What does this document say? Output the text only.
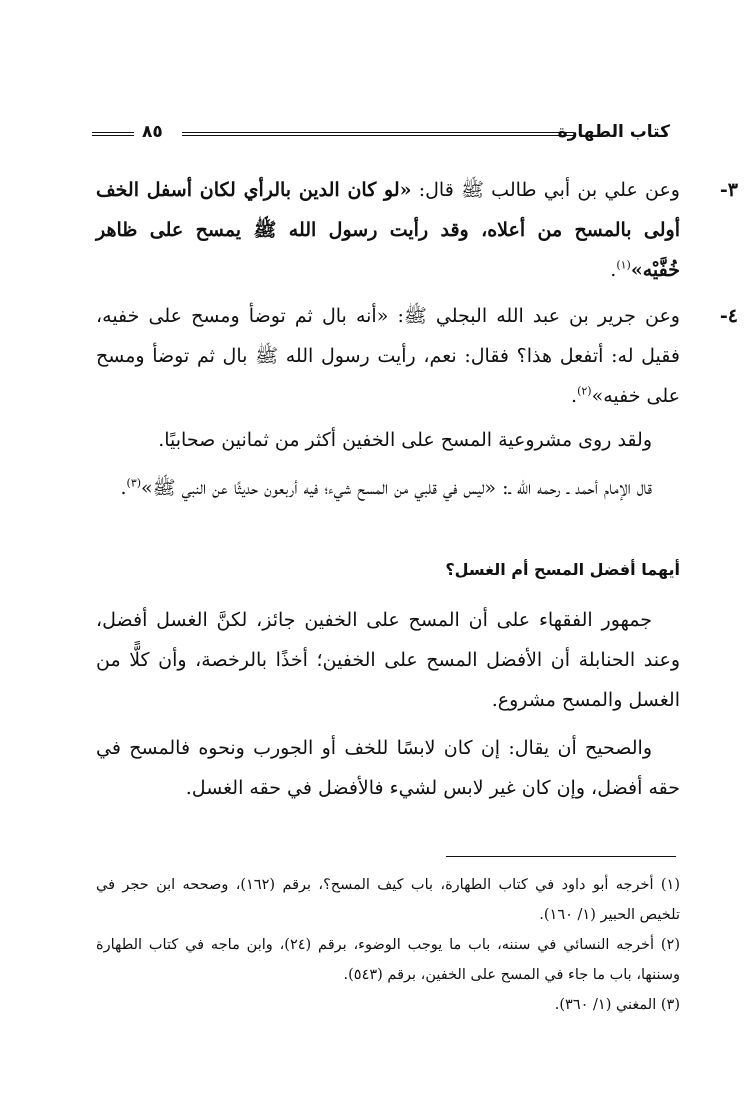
كتاب الطهارة
٨٥
٣-
وعن علي بن أبي طالب ﷺ قال: «لو كان الدين بالرأي لكان أسفل الخف أولى بالمسح من أعلاه، وقد رأيت رسول الله ﷺ يمسح على ظاهر خُفَّيْه»$^{(١)}$.
٤-
وعن جرير بن عبد الله البجلي ﷺ: «أنه بال ثم توضأ ومسح على خفيه، فقيل له: أتفعل هذا؟ فقال: نعم، رأيت رسول الله ﷺ بال ثم توضأ ومسح على خفيه»$^{(٢)}$.

ولقد روى مشروعية المسح على الخفين أكثر من ثمانين صحابيًا.

قال الإمام أحمد ـ رحمه الله ـ: «ليس في قلبي من المسح شيء؛ فيه أربعون حديثًا عن النبي ﷺ»$^{(٣)}$.

أيهما أفضل المسح أم الغسل؟

جمهور الفقهاء على أن المسح على الخفين جائز، لكنَّ الغسل أفضل، وعند الحنابلة أن الأفضل المسح على الخفين؛ أخذًا بالرخصة، وأن كلًّا من الغسل والمسح مشروع.

والصحيح أن يقال: إن كان لابسًا للخف أو الجورب ونحوه فالمسح في حقه أفضل، وإن كان غير لابس لشيء فالأفضل في حقه الغسل.

(١) أخرجه أبو داود في كتاب الطهارة، باب كيف المسح؟، برقم (١٦٢)، وصححه ابن حجر في تلخيص الحبير (١/ ١٦٠).

(٢) أخرجه النسائي في سننه، باب ما يوجب الوضوء، برقم (٢٤)، وابن ماجه في كتاب الطهارة وسننها، باب ما جاء في المسح على الخفين، برقم (٥٤٣).

(٣) المغني (١/ ٣٦٠).
